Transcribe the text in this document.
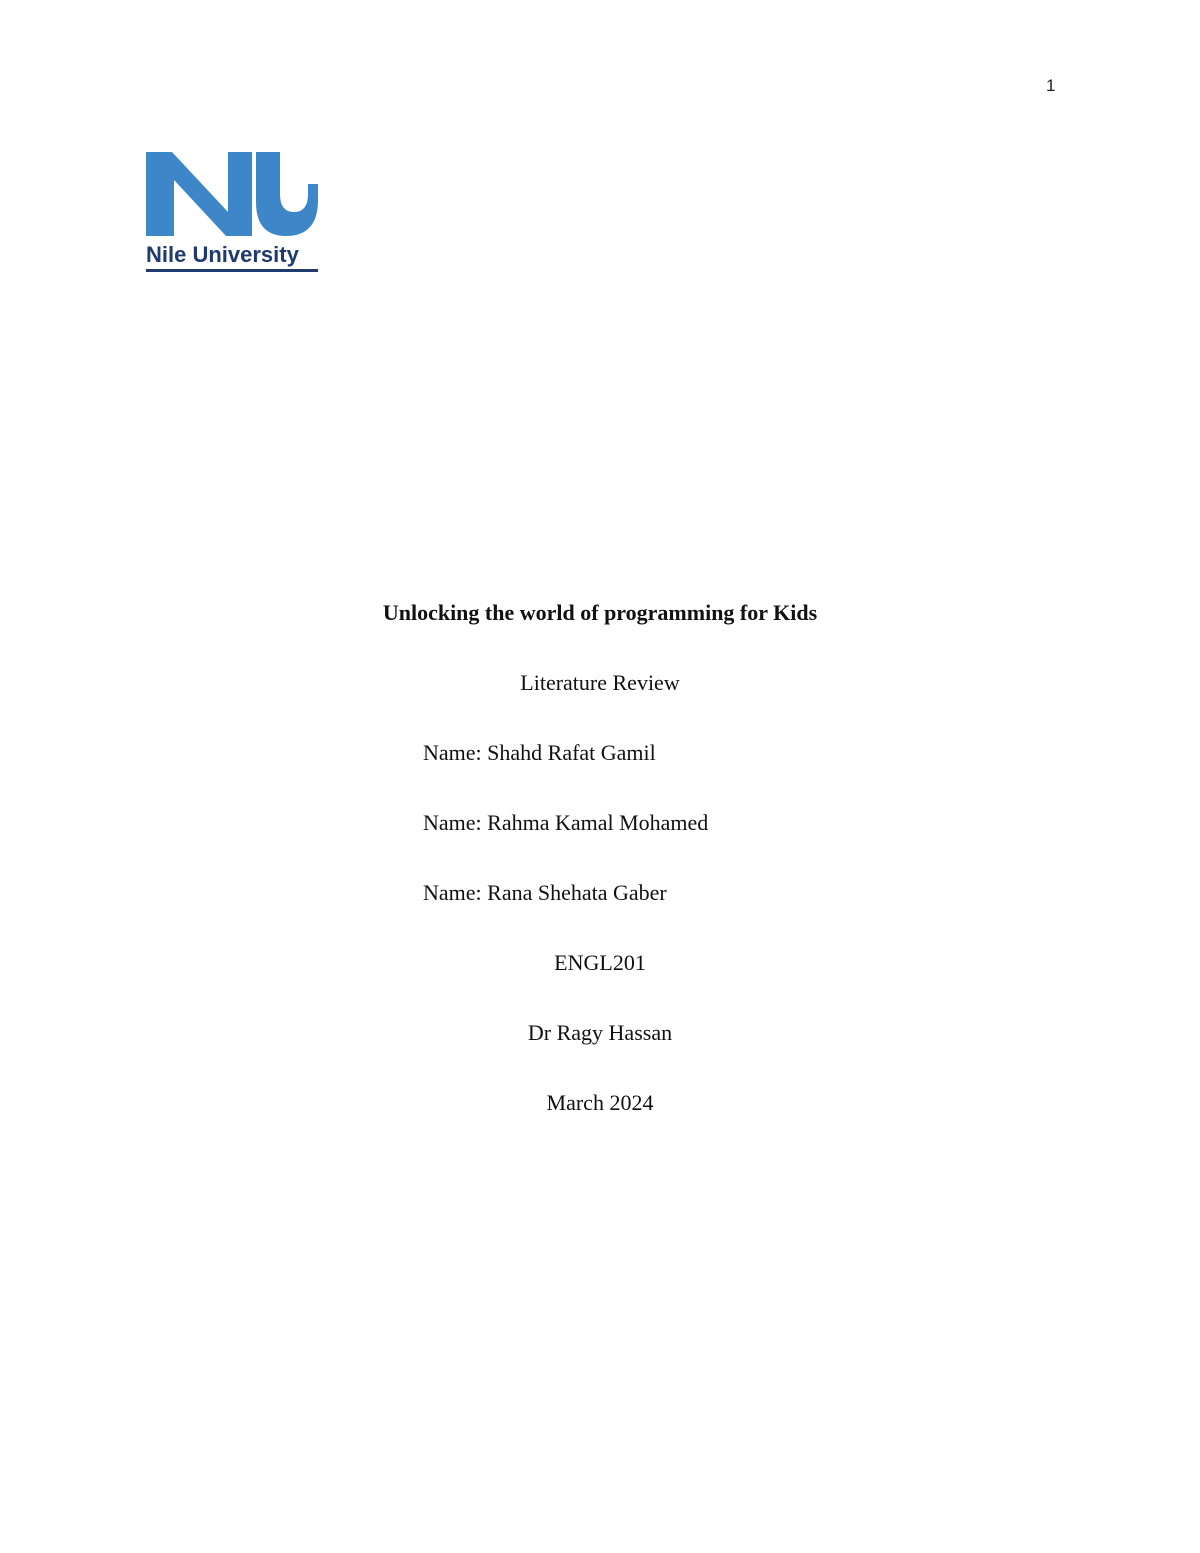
1
Nile University
Unlocking the world of programming for Kids
Literature Review
Name: Shahd Rafat Gamil
Name: Rahma Kamal Mohamed
Name: Rana Shehata Gaber
ENGL201
Dr Ragy Hassan
March 2024
